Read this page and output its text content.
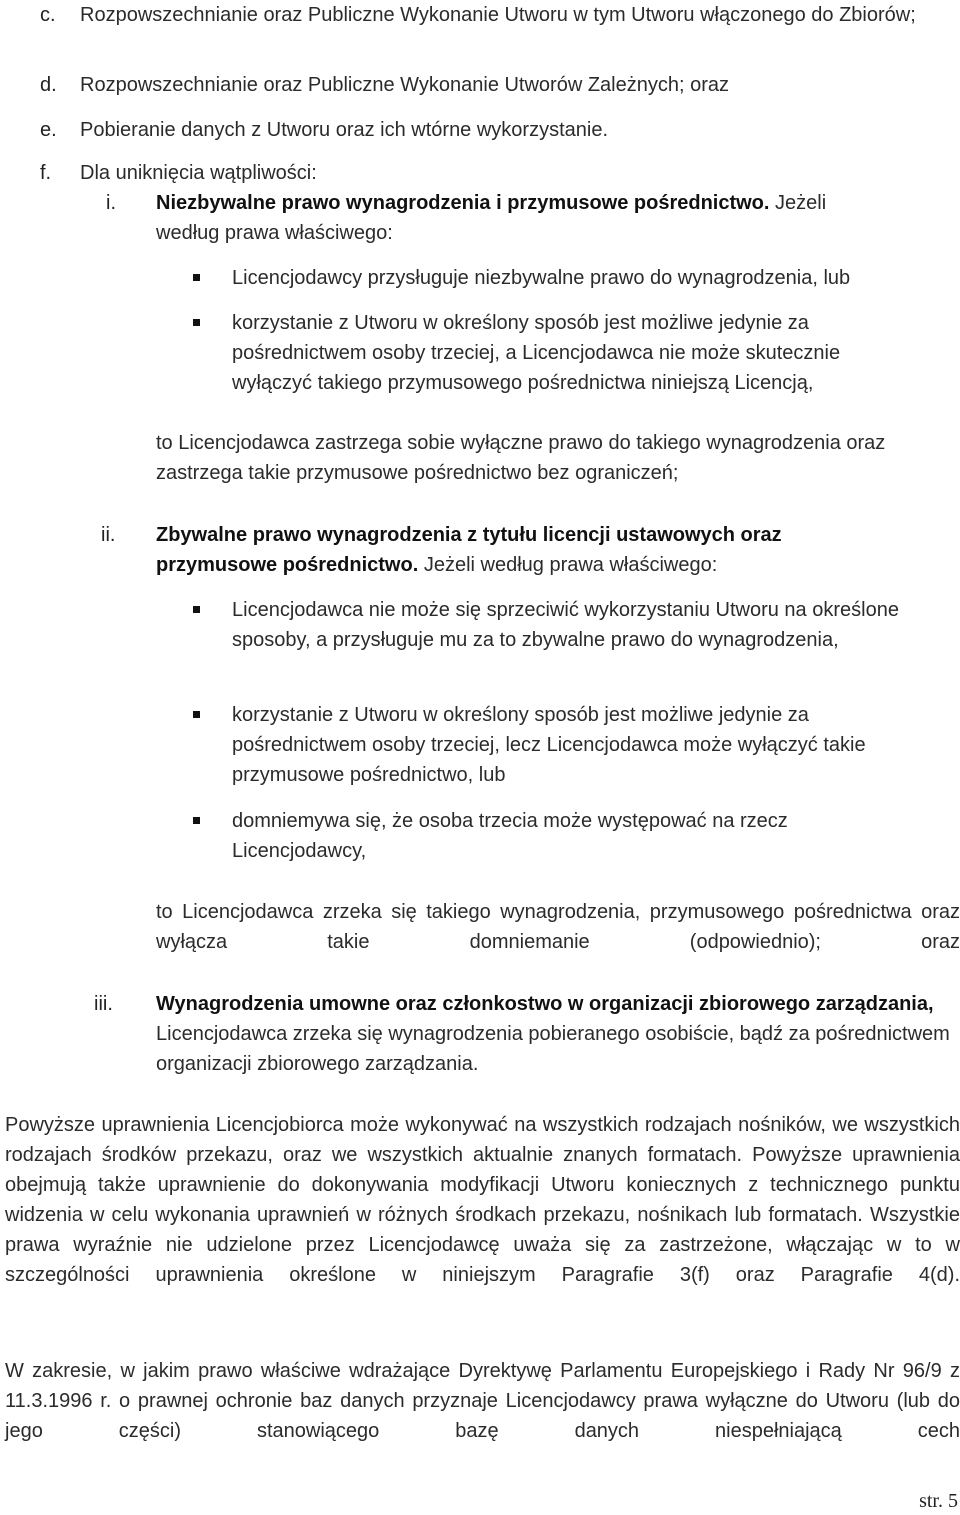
c. Rozpowszechnianie oraz Publiczne Wykonanie Utworu w tym Utworu włączonego do Zbiorów;
d. Rozpowszechnianie oraz Publiczne Wykonanie Utworów Zależnych; oraz
e. Pobieranie danych z Utworu oraz ich wtórne wykorzystanie.
f. Dla uniknięcia wątpliwości:
i. Niezbywalne prawo wynagrodzenia i przymusowe pośrednictwo. Jeżeli według prawa właściwego:
Licencjodawcy przysługuje niezbywalne prawo do wynagrodzenia, lub
korzystanie z Utworu w określony sposób jest możliwe jedynie za pośrednictwem osoby trzeciej, a Licencjodawca nie może skutecznie wyłączyć takiego przymusowego pośrednictwa niniejszą Licencją,
to Licencjodawca zastrzega sobie wyłączne prawo do takiego wynagrodzenia oraz zastrzega takie przymusowe pośrednictwo bez ograniczeń;
ii. Zbywalne prawo wynagrodzenia z tytułu licencji ustawowych oraz przymusowe pośrednictwo. Jeżeli według prawa właściwego:
Licencjodawca nie może się sprzeciwić wykorzystaniu Utworu na określone sposoby, a przysługuje mu za to zbywalne prawo do wynagrodzenia,
korzystanie z Utworu w określony sposób jest możliwe jedynie za pośrednictwem osoby trzeciej, lecz Licencjodawca może wyłączyć takie przymusowe pośrednictwo, lub
domniemywa się, że osoba trzecia może występować na rzecz Licencjodawcy,
to Licencjodawca zrzeka się takiego wynagrodzenia, przymusowego pośrednictwa oraz wyłącza takie domniemanie (odpowiednio); oraz
iii. Wynagrodzenia umowne oraz członkostwo w organizacji zbiorowego zarządzania, Licencjodawca zrzeka się wynagrodzenia pobieranego osobiście, bądź za pośrednictwem organizacji zbiorowego zarządzania.
Powyższe uprawnienia Licencjobiorca może wykonywać na wszystkich rodzajach nośników, we wszystkich rodzajach środków przekazu, oraz we wszystkich aktualnie znanych formatach. Powyższe uprawnienia obejmują także uprawnienie do dokonywania modyfikacji Utworu koniecznych z technicznego punktu widzenia w celu wykonania uprawnień w różnych środkach przekazu, nośnikach lub formatach. Wszystkie prawa wyraźnie nie udzielone przez Licencjodawcę uważa się za zastrzeżone, włączając w to w szczególności uprawnienia określone w niniejszym Paragrafie 3(f) oraz Paragrafie 4(d).
W zakresie, w jakim prawo właściwe wdrażające Dyrektywę Parlamentu Europejskiego i Rady Nr 96/9 z 11.3.1996 r. o prawnej ochronie baz danych przyznaje Licencjodawcy prawa wyłączne do Utworu (lub do jego części) stanowiącego bazę danych niespełniającą cech
str. 5
